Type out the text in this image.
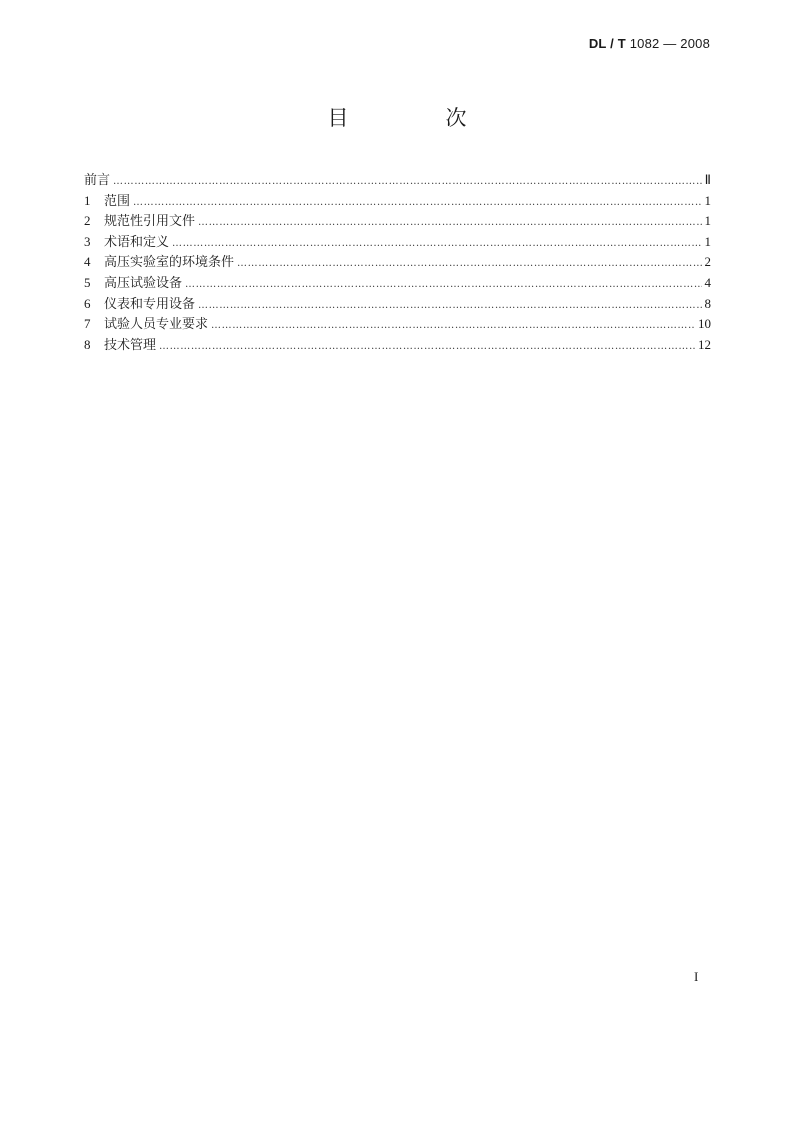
DL / T 1082 — 2008
目　次
前言 ………………………………………………………………………………………………………………………………………………………………………………………………………………………………………………	Ⅱ
1	范围 ………………………………………………………………………………………………………………………………………………………………………………………………………………………………………………	1
2	规范性引用文件 ………………………………………………………………………………………………………………………………………………………………………………………………………………………………………………	1
3	术语和定义 ………………………………………………………………………………………………………………………………………………………………………………………………………………………………………………	1
4	高压实验室的环境条件 ………………………………………………………………………………………………………………………………………………………………………………………………………………………………………………	2
5	高压试验设备 ………………………………………………………………………………………………………………………………………………………………………………………………………………………………………………	4
6	仪表和专用设备 ………………………………………………………………………………………………………………………………………………………………………………………………………………………………………………	8
7	试验人员专业要求 ………………………………………………………………………………………………………………………………………………………………………………………………………………………………………………	10
8	技术管理 ………………………………………………………………………………………………………………………………………………………………………………………………………………………………………………	12
I
